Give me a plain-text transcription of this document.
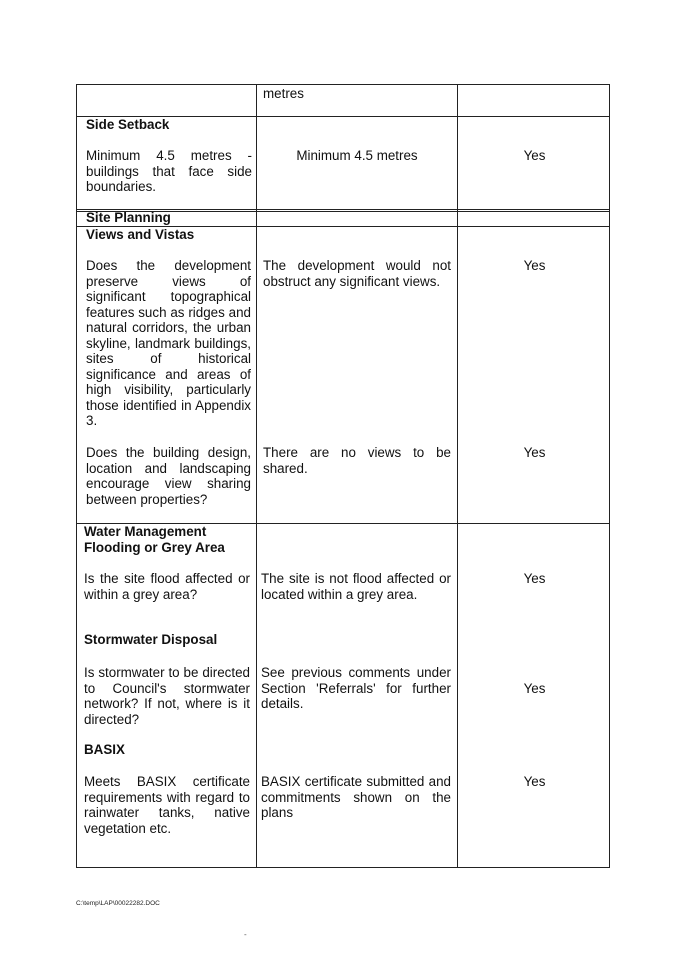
metres
Side Setback
Minimum 4.5 metres - buildings that face side boundaries.
Minimum 4.5 metres	Yes
Site Planning
Views and Vistas
Does the development preserve views of significant topographical features such as ridges and natural corridors, the urban skyline, landmark buildings, sites of historical significance and areas of high visibility, particularly those identified in Appendix 3.
The development would not obstruct any significant views.
Yes
Does the building design, location and landscaping encourage view sharing between properties?
There are no views to be shared.
Yes
Water Management
Flooding or Grey Area
Is the site flood affected or within a grey area?
The site is not flood affected or located within a grey area.
Yes
Stormwater Disposal
Is stormwater to be directed to Council's stormwater network? If not, where is it directed?
See previous comments under Section 'Referrals' for further details.
Yes
BASIX
Meets BASIX certificate requirements with regard to rainwater tanks, native vegetation etc.
BASIX certificate submitted and commitments shown on the plans
Yes
C:\temp\LAP\00022282.DOC
-
